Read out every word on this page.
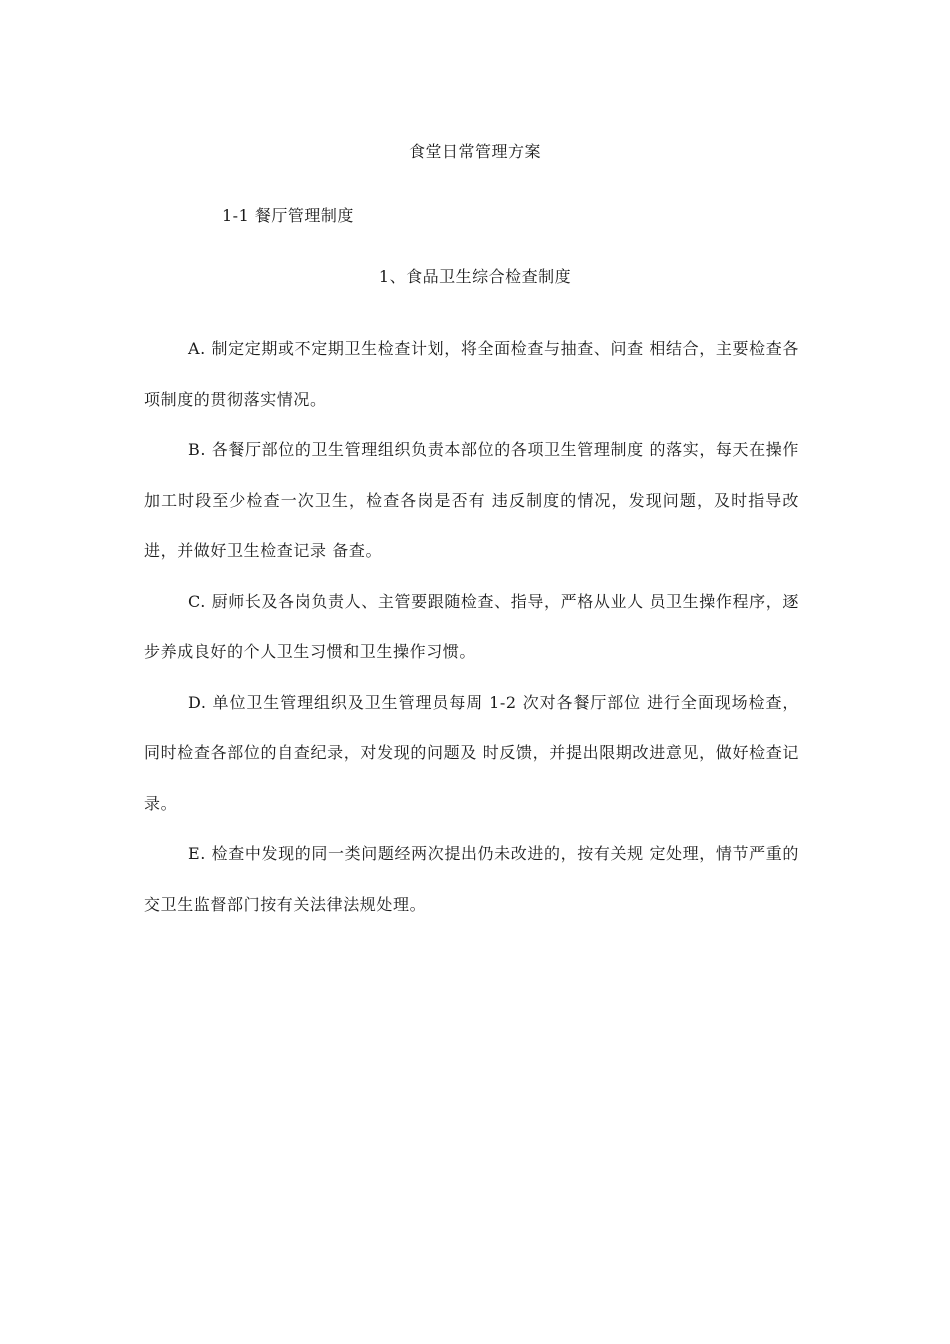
食堂日常管理方案
1-1 餐厅管理制度
1、食品卫生综合检查制度

A. 制定定期或不定期卫生检查计划，将全面检查与抽查、问查 相结合，主要检查各项制度的贯彻落实情况。

B. 各餐厅部位的卫生管理组织负责本部位的各项卫生管理制度 的落实，每天在操作加工时段至少检查一次卫生，检查各岗是否有 违反制度的情况，发现问题，及时指导改进，并做好卫生检查记录 备查。

C. 厨师长及各岗负责人、主管要跟随检查、指导，严格从业人 员卫生操作程序，逐步养成良好的个人卫生习惯和卫生操作习惯。

D. 单位卫生管理组织及卫生管理员每周 1-2 次对各餐厅部位 进行全面现场检查，同时检查各部位的自查纪录，对发现的问题及 时反馈，并提出限期改进意见，做好检查记录。

E. 检查中发现的同一类问题经两次提出仍未改进的，按有关规 定处理，情节严重的交卫生监督部门按有关法律法规处理。
